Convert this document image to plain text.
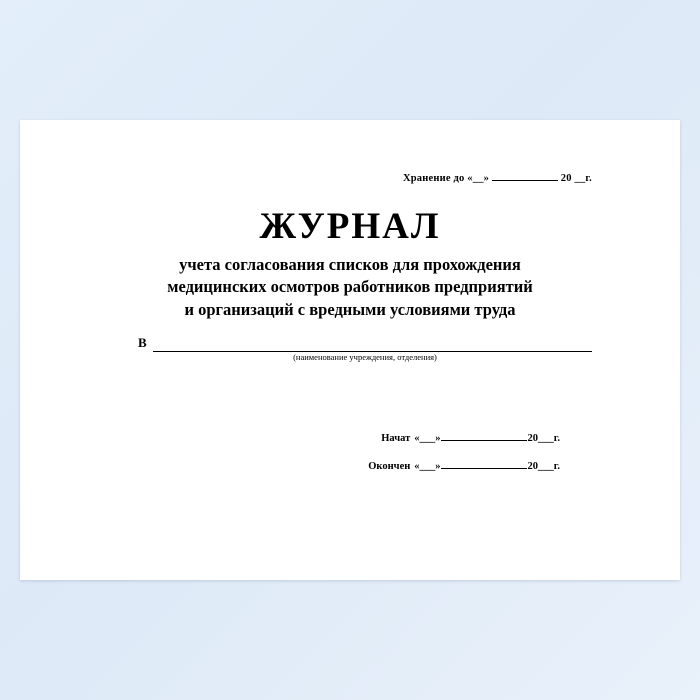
Хранение до «__»	20 __г.
ЖУРНАЛ
учета согласования списков для прохождения
медицинских осмотров работников предприятий
и организаций с вредными условиями труда
В
(наименование учреждения, отделения)
Начат « ___ »	20___г.
Окончен « ___ »	20___г.
